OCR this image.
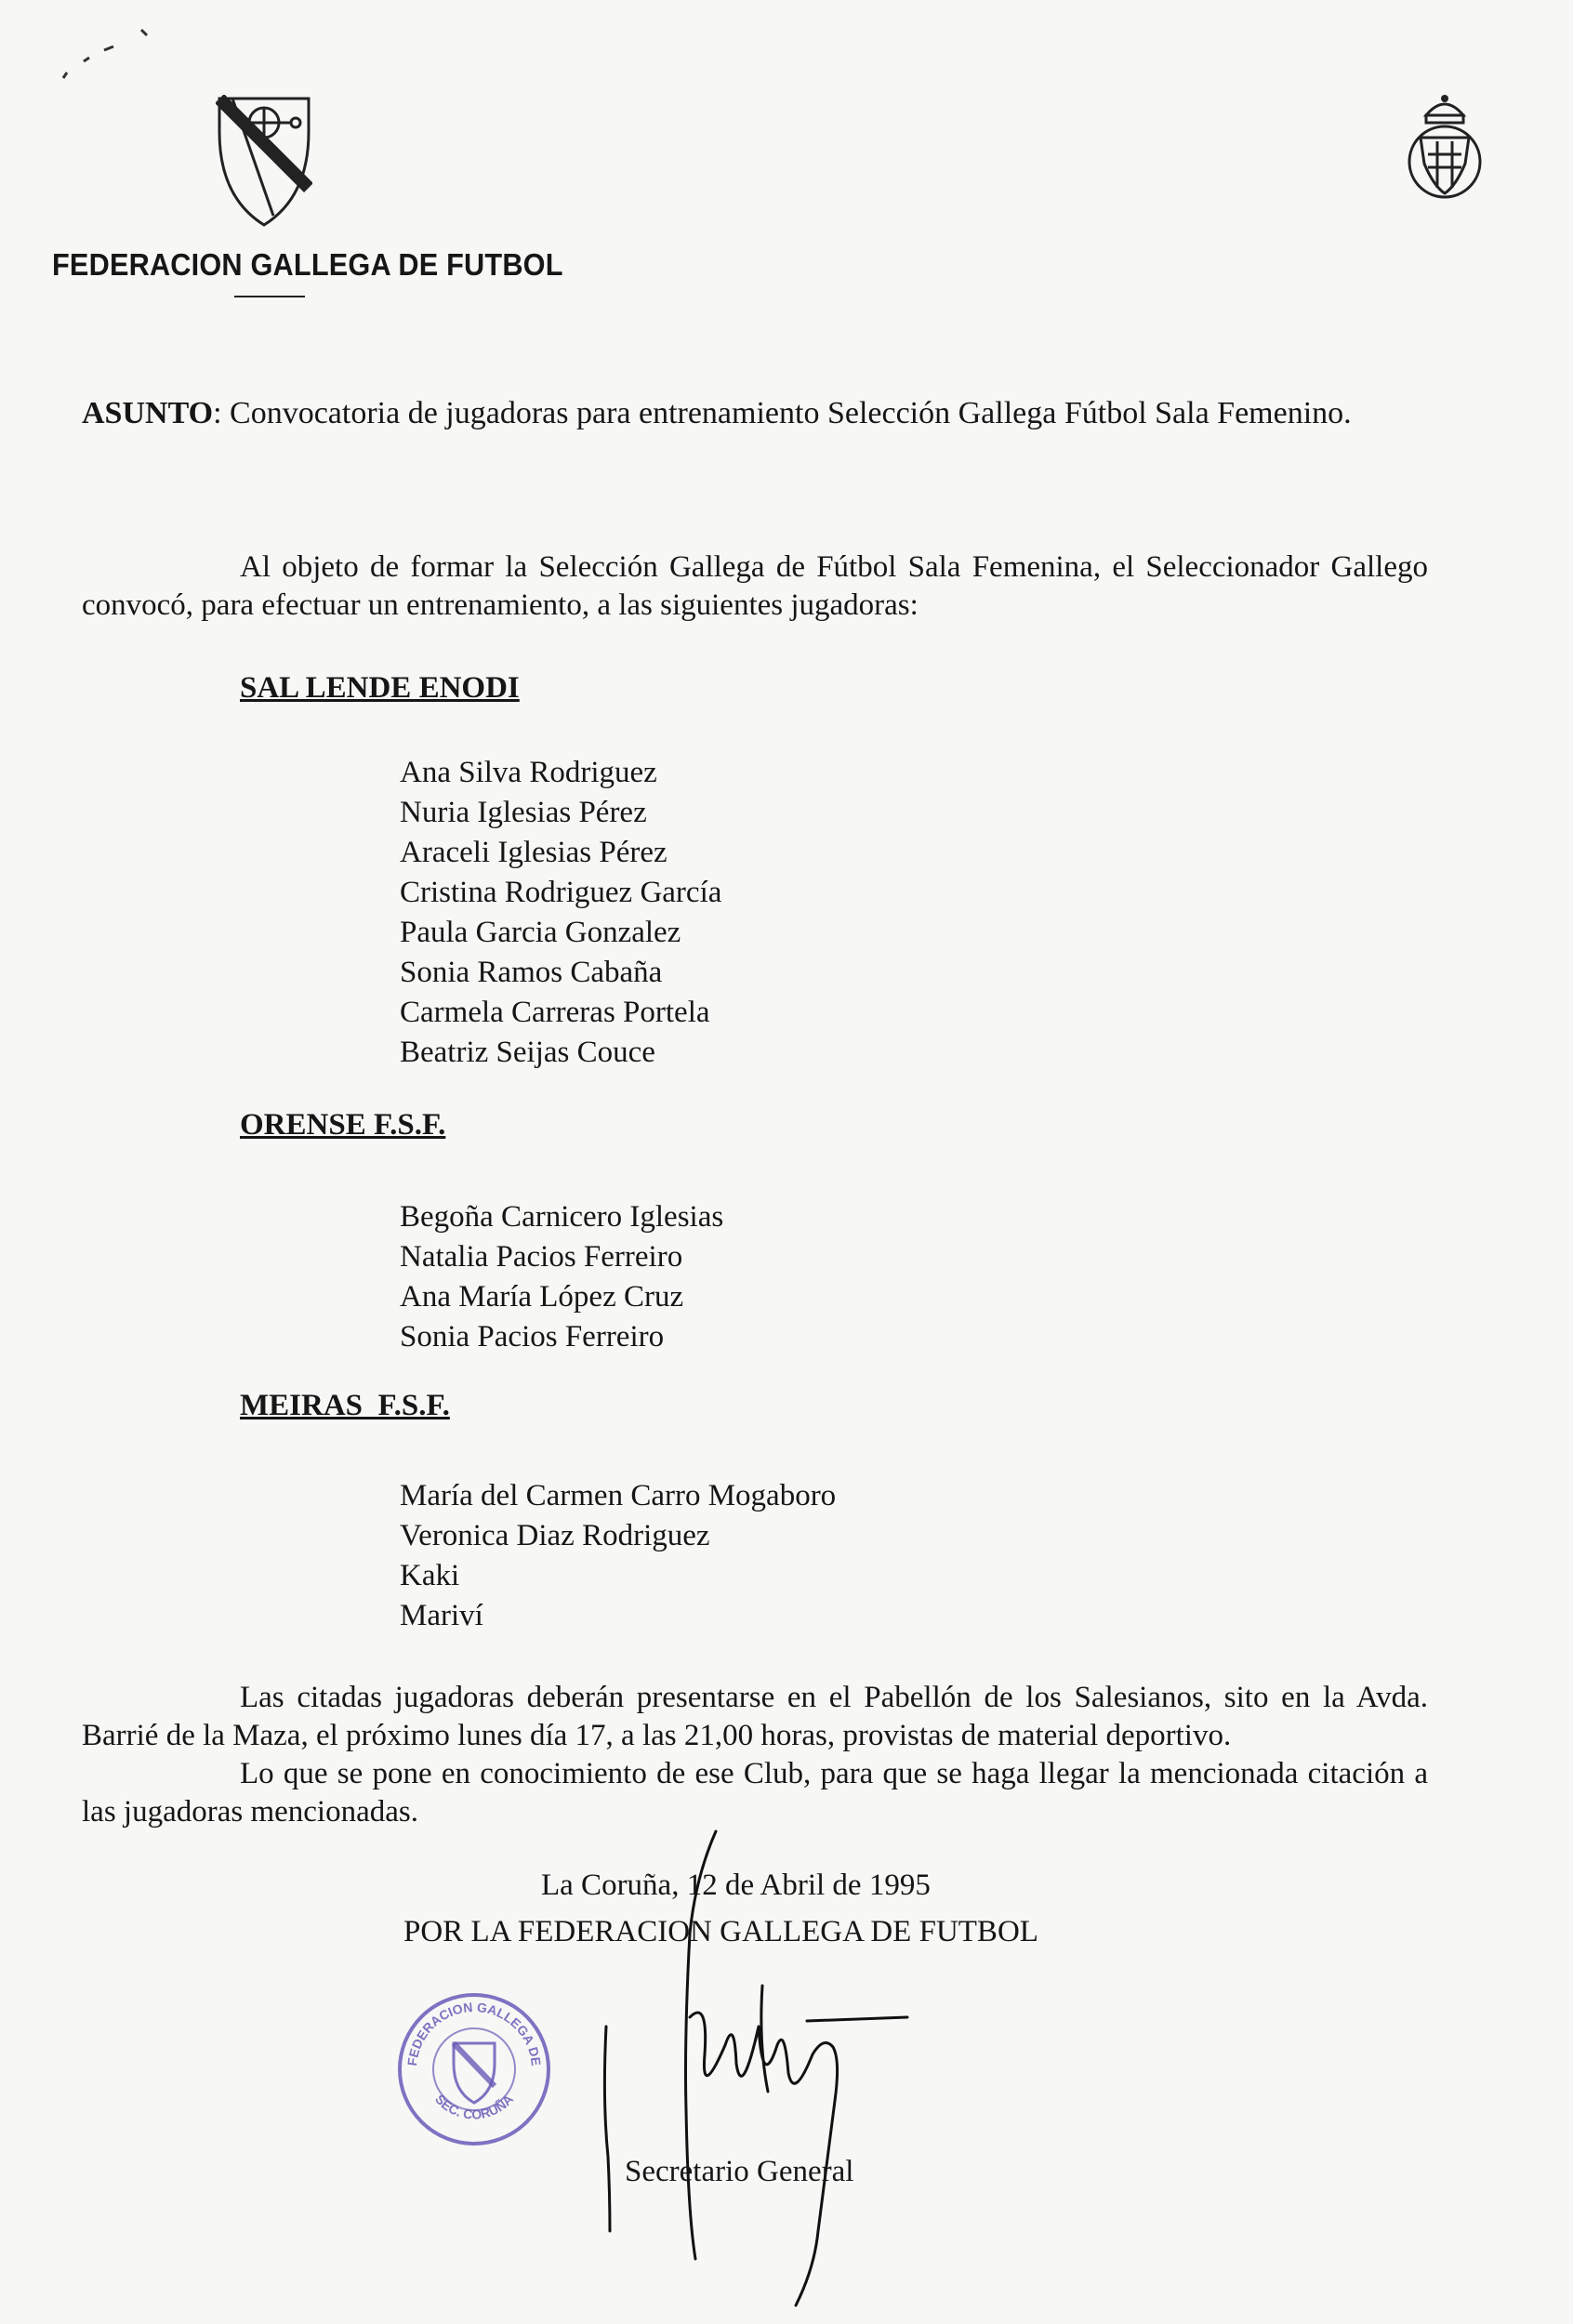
FEDERACION GALLEGA DE FUTBOL
ASUNTO: Convocatoria de jugadoras para entrenamiento Selección Gallega Fútbol Sala Femenino.
Al objeto de formar la Selección Gallega de Fútbol Sala Femenina, el Seleccionador Gallego convocó, para efectuar un entrenamiento, a las siguientes jugadoras:
SAL LENDE ENODI
Ana Silva Rodriguez
Nuria Iglesias Pérez
Araceli Iglesias Pérez
Cristina Rodriguez García
Paula Garcia Gonzalez
Sonia Ramos Cabaña
Carmela Carreras Portela
Beatriz Seijas Couce
ORENSE F.S.F.
Begoña Carnicero Iglesias
Natalia Pacios Ferreiro
Ana María López Cruz
Sonia Pacios Ferreiro
MEIRAS  F.S.F.
María del Carmen Carro Mogaboro
Veronica Diaz Rodriguez
Kaki
Mariví
Las citadas jugadoras deberán presentarse en el Pabellón de los Salesianos, sito en la Avda. Barrié de la Maza, el próximo lunes día 17, a las 21,00 horas, provistas de material deportivo.
Lo que se pone en conocimiento de ese Club, para que se haga llegar la mencionada citación a las jugadoras mencionadas.
La Coruña, 12 de Abril de 1995
POR LA FEDERACION GALLEGA DE FUTBOL
FEDERACION GALLEGA DE
SEC. CORUÑA
Secretario General
